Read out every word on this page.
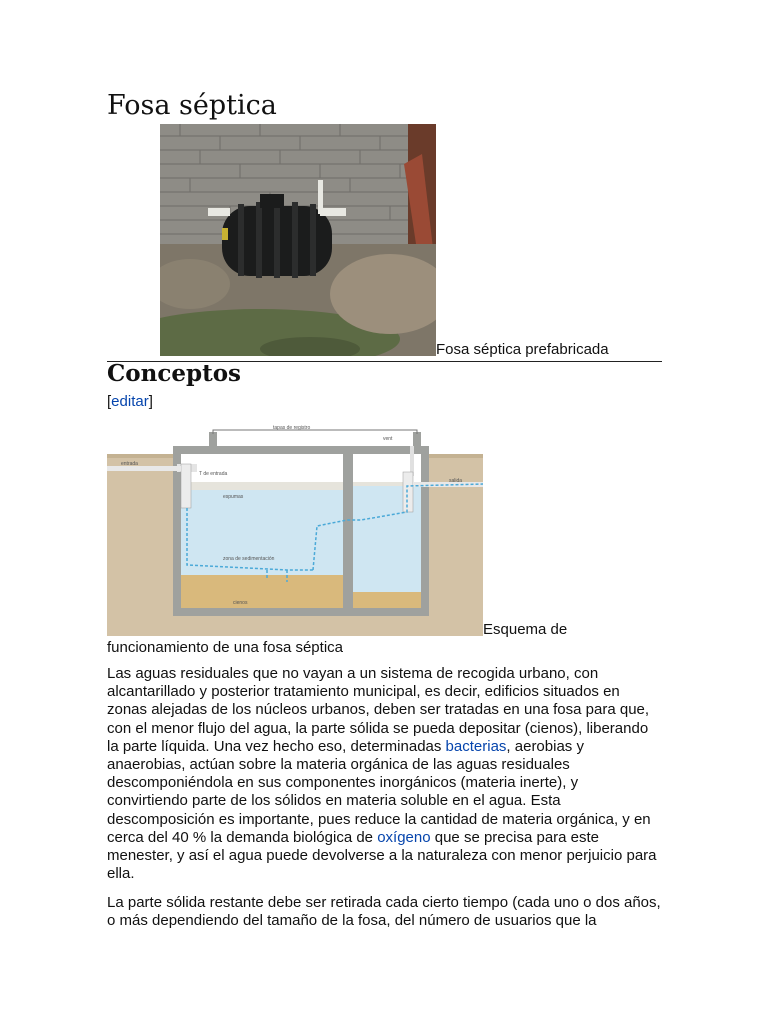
Fosa séptica
Fosa séptica prefabricada
Conceptos
[editar]
tapas de registro
vent
entrada
T de entrada
espumas
salida
zona de sedimentación
cienos
Esquema de
funcionamiento de una fosa séptica

Las aguas residuales que no vayan a un sistema de recogida urbano, con alcantarillado y posterior tratamiento municipal, es decir, edificios situados en zonas alejadas de los núcleos urbanos, deben ser tratadas en una fosa para que, con el menor flujo del agua, la parte sólida se pueda depositar (cienos), liberando la parte líquida. Una vez hecho eso, determinadas bacterias, aerobias y anaerobias, actúan sobre la materia orgánica de las aguas residuales descomponiéndola en sus componentes inorgánicos (materia inerte), y convirtiendo parte de los sólidos en materia soluble en el agua. Esta descomposición es importante, pues reduce la cantidad de materia orgánica, y en cerca del 40 % la demanda biológica de oxígeno que se precisa para este menester, y así el agua puede devolverse a la naturaleza con menor perjuicio para ella.

La parte sólida restante debe ser retirada cada cierto tiempo (cada uno o dos años, o más dependiendo del tamaño de la fosa, del número de usuarios que la
